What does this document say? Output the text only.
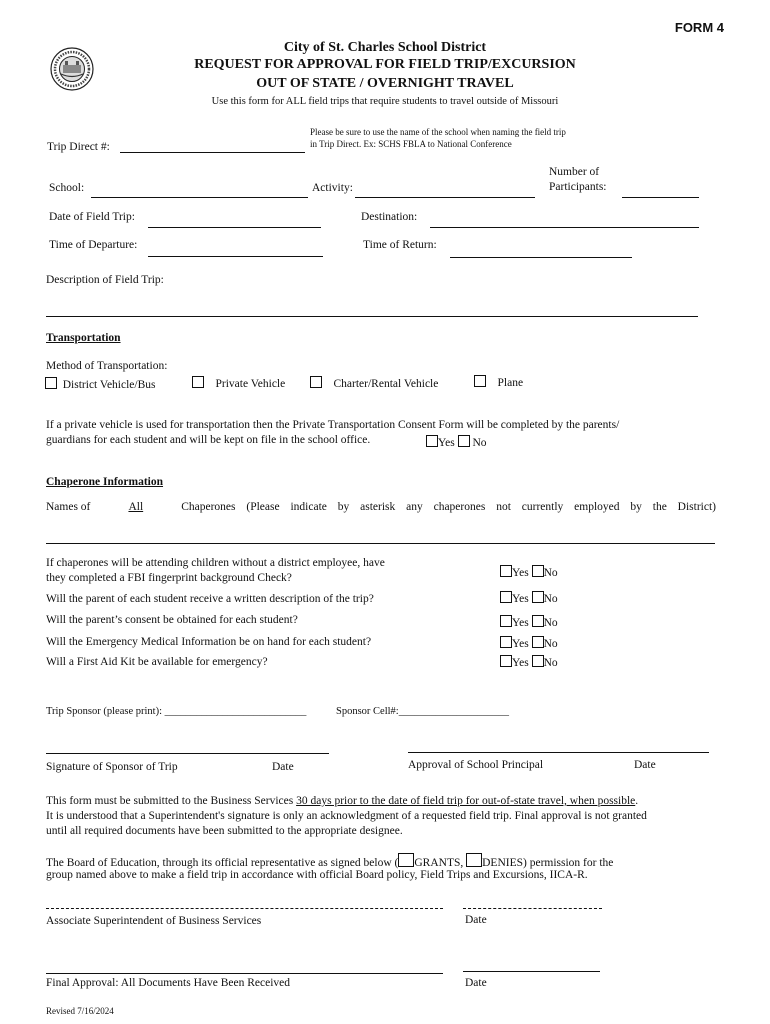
FORM 4
City of St. Charles School District
REQUEST FOR APPROVAL FOR FIELD TRIP/EXCURSION
OUT OF STATE / OVERNIGHT TRAVEL
Use this form for ALL field trips that require students to travel outside of Missouri
Please be sure to use the name of the school when naming the field trip
in Trip Direct. Ex: SCHS FBLA to National Conference
Trip Direct #:
Number of
Participants:
School:	Activity:
Date of Field Trip:	Destination:
Time of Departure:	Time of Return:
Description of Field Trip:
Transportation
Method of Transportation:
District Vehicle/Bus	Private Vehicle	Charter/Rental Vehicle	Plane
If a private vehicle is used for transportation then the Private Transportation Consent Form will be completed by the parents/
guardians for each student and will be kept on file in the school office.	Yes No
Chaperone Information
Names of	All	Chaperones (Please indicate by asterisk any chaperones not currently employed by the District)
If chaperones will be attending children without a district employee, have
they completed a FBI fingerprint background Check?	Yes No
Will the parent of each student receive a written description of the trip?	Yes No
Will the parent’s consent be obtained for each student?	Yes No
Will the Emergency Medical Information be on hand for each student?	Yes No
Will a First Aid Kit be available for emergency?	Yes No
Trip Sponsor (please print): ___________________________	Sponsor Cell#:_____________________
Signature of Sponsor of Trip	Date	Approval of School Principal	Date
This form must be submitted to the Business Services 30 days prior to the date of field trip for out-of-state travel, when possible.
It is understood that a Superintendent's signature is only an acknowledgment of a requested field trip. Final approval is not granted
until all required documents have been submitted to the appropriate designee.
The Board of Education, through its official representative as signed below ( GRANTS, DENIES) permission for the
group named above to make a field trip in accordance with official Board policy, Field Trips and Excursions, IICA-R.
Associate Superintendent of Business Services	Date
Final Approval: All Documents Have Been Received	Date
Revised 7/16/2024
